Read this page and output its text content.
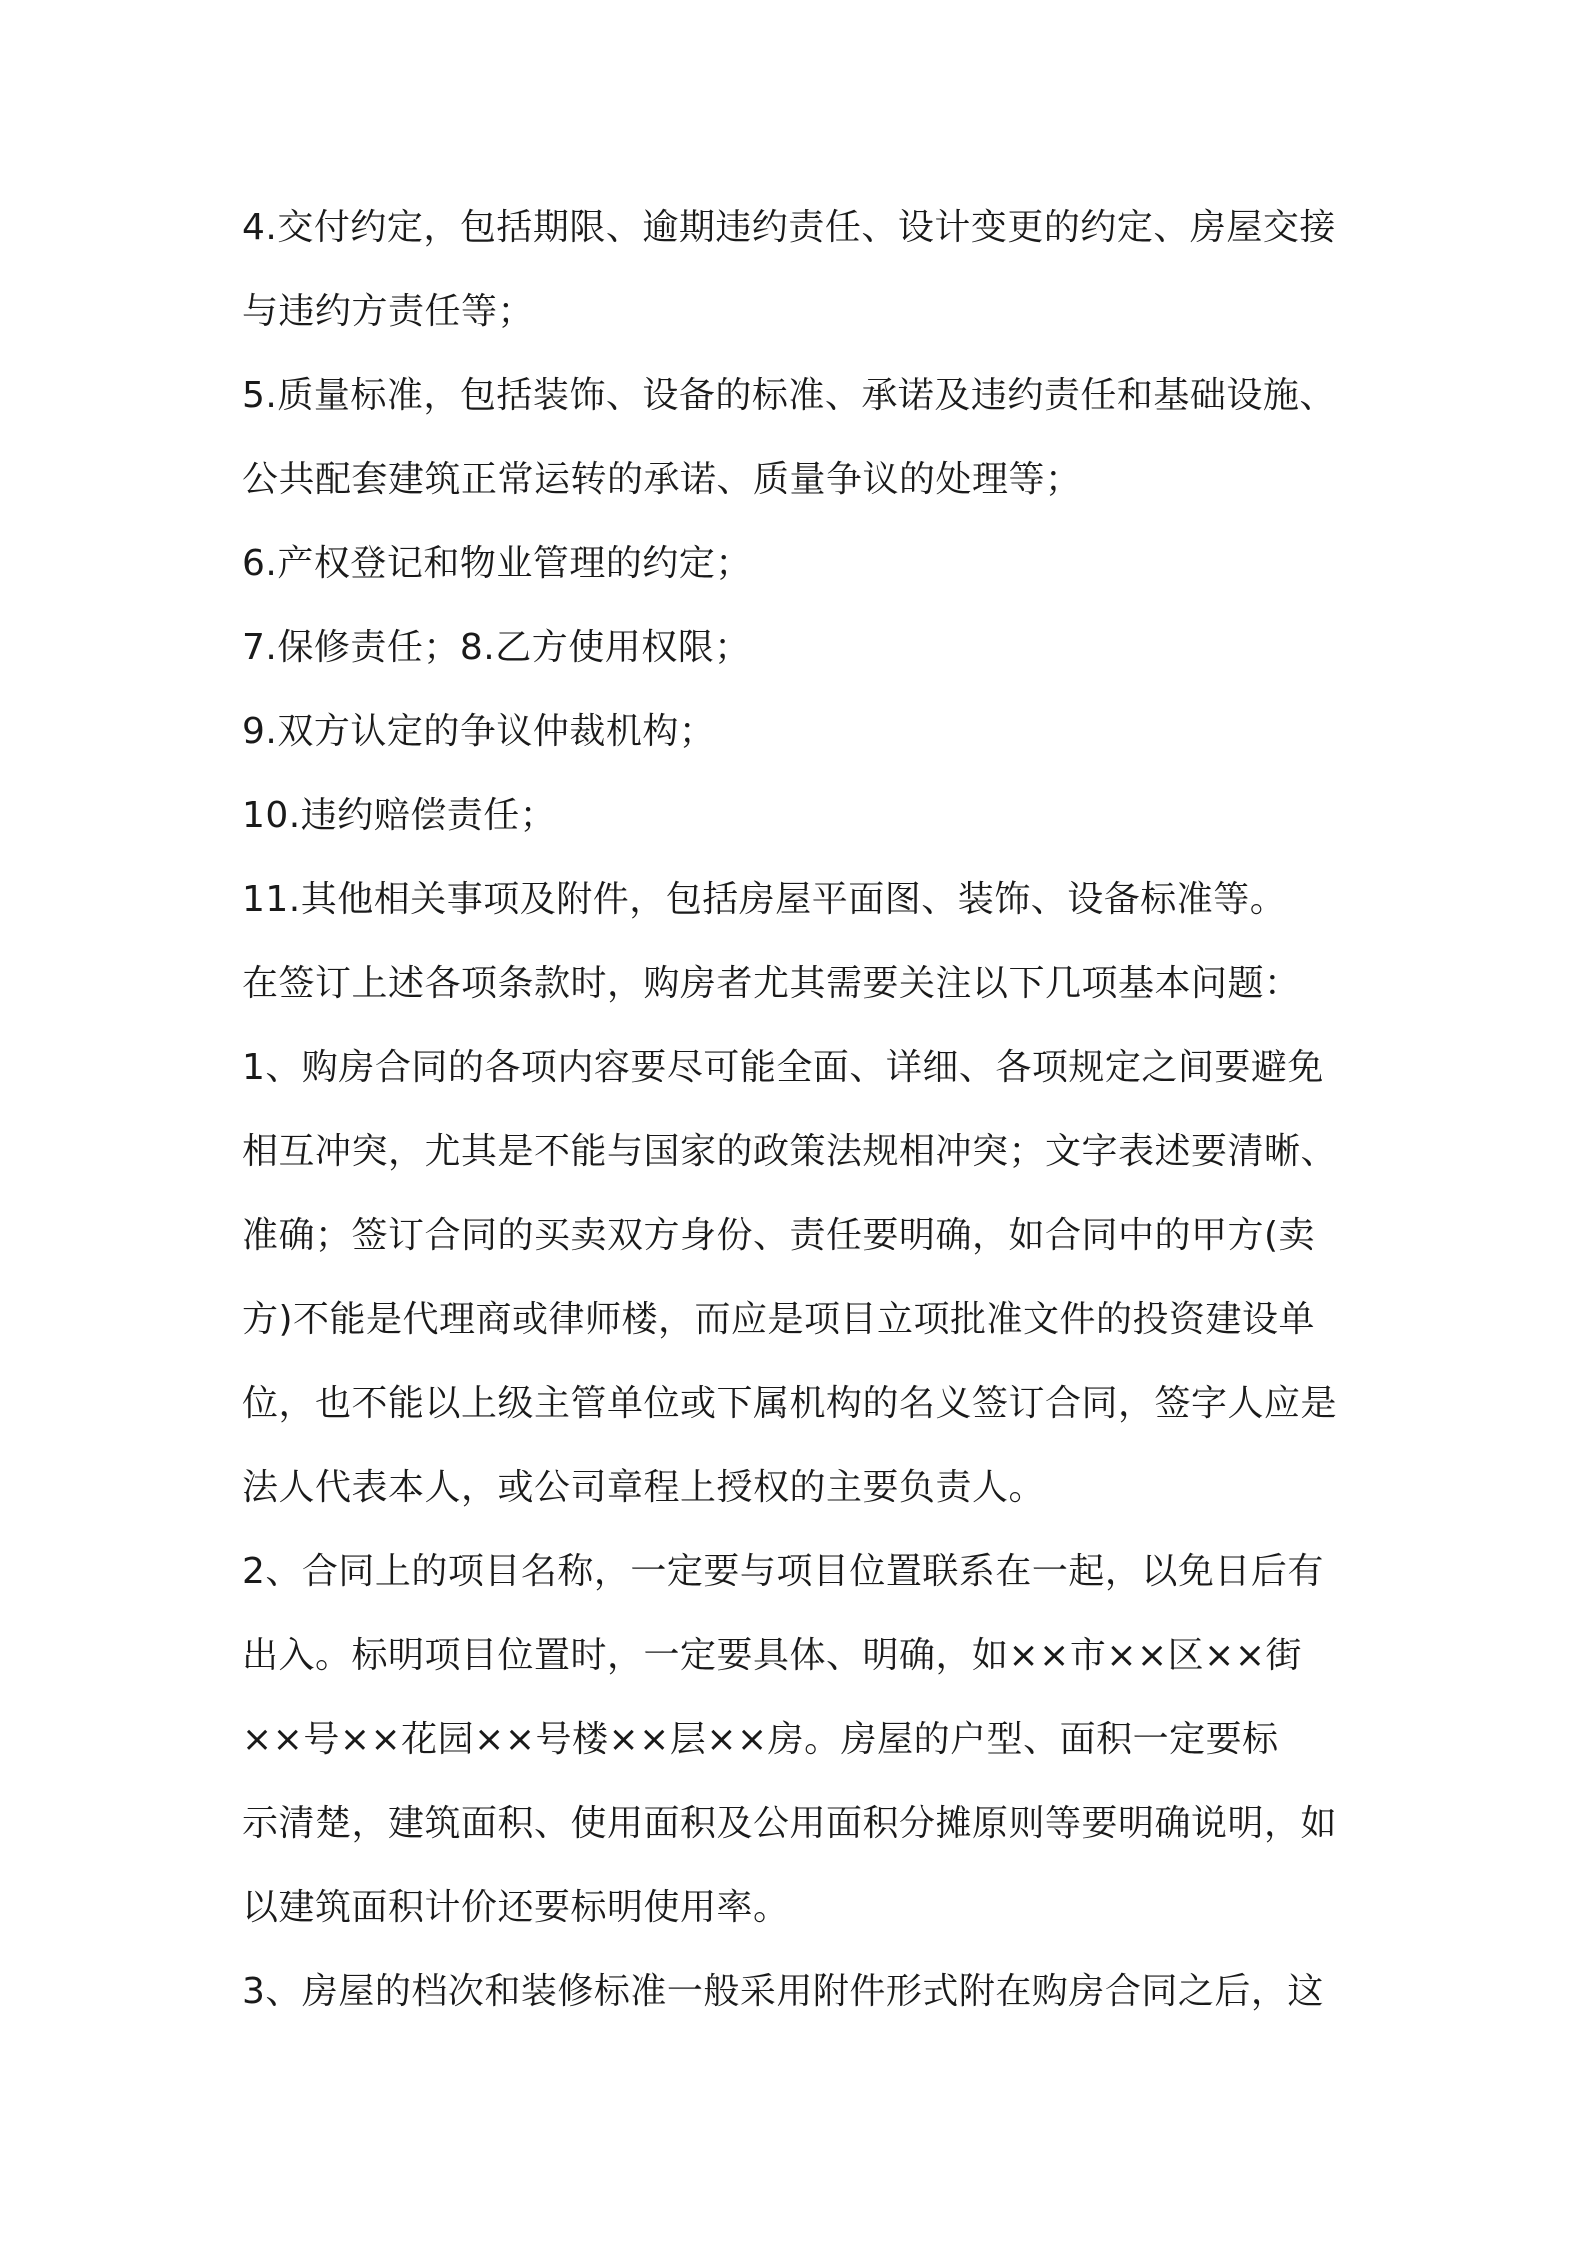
4.交付约定，包括期限、逾期违约责任、设计变更的约定、房屋交接
与违约方责任等；
5.质量标准，包括装饰、设备的标准、承诺及违约责任和基础设施、
公共配套建筑正常运转的承诺、质量争议的处理等；
6.产权登记和物业管理的约定；
7.保修责任；8.乙方使用权限；
9.双方认定的争议仲裁机构；
10.违约赔偿责任；
11.其他相关事项及附件，包括房屋平面图、装饰、设备标准等。
在签订上述各项条款时，购房者尤其需要关注以下几项基本问题：
1、购房合同的各项内容要尽可能全面、详细、各项规定之间要避免
相互冲突，尤其是不能与国家的政策法规相冲突；文字表述要清晰、
准确；签订合同的买卖双方身份、责任要明确，如合同中的甲方(卖
方)不能是代理商或律师楼，而应是项目立项批准文件的投资建设单
位，也不能以上级主管单位或下属机构的名义签订合同，签字人应是
法人代表本人，或公司章程上授权的主要负责人。
2、合同上的项目名称，一定要与项目位置联系在一起，以免日后有
出入。标明项目位置时，一定要具体、明确，如××市××区××街
××号××花园××号楼××层××房。房屋的户型、面积一定要标
示清楚，建筑面积、使用面积及公用面积分摊原则等要明确说明，如
以建筑面积计价还要标明使用率。
3、房屋的档次和装修标准一般采用附件形式附在购房合同之后，这
